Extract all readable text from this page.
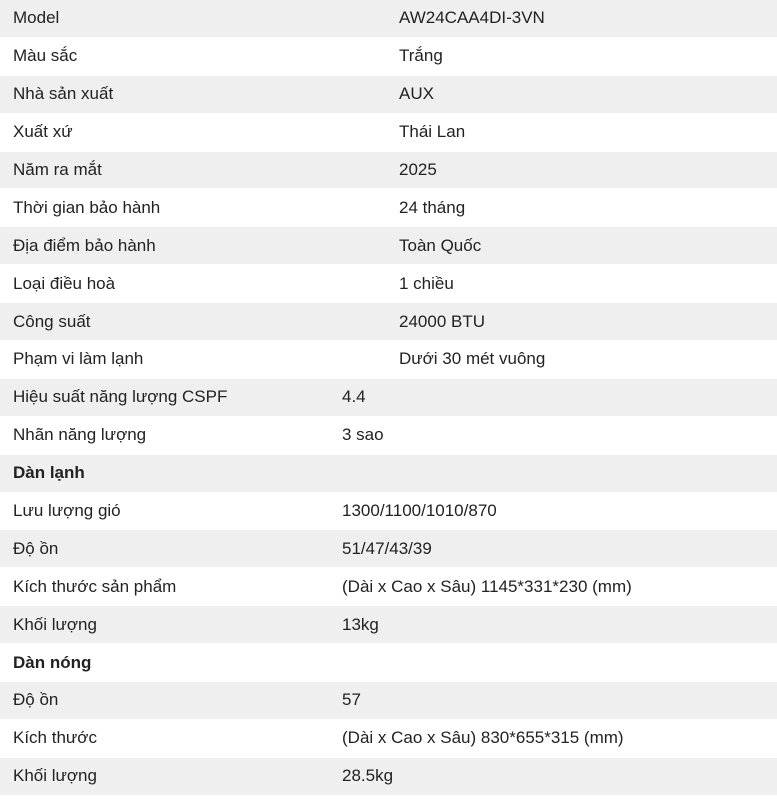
Model	AW24CAA4DI-3VN
Màu sắc	Trắng
Nhà sản xuất	AUX
Xuất xứ	Thái Lan
Năm ra mắt	2025
Thời gian bảo hành	24 tháng
Địa điểm bảo hành	Toàn Quốc
Loại điều hoà	1 chiều
Công suất	24000 BTU
Phạm vi làm lạnh	Dưới 30 mét vuông
Hiệu suất năng lượng CSPF	4.4
Nhãn năng lượng	3 sao
Dàn lạnh
Lưu lượng gió	1300/1100/1010/870
Độ ồn	51/47/43/39
Kích thước sản phẩm	(Dài x Cao x Sâu) 1145*331*230 (mm)
Khối lượng	13kg
Dàn nóng
Độ ồn	57
Kích thước	(Dài x Cao x Sâu) 830*655*315 (mm)
Khối lượng	28.5kg
